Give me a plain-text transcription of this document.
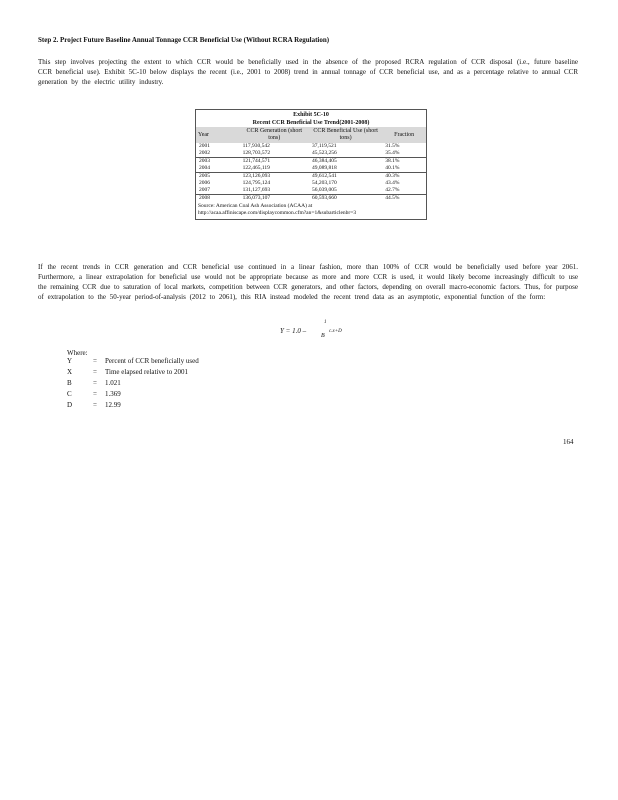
Step 2. Project Future Baseline Annual Tonnage CCR Beneficial Use (Without RCRA Regulation)
This step involves projecting the extent to which CCR would be beneficially used in the absence of the proposed RCRA regulation of CCR disposal (i.e., future baseline CCR beneficial use). Exhibit 5C-10 below displays the recent (i.e., 2001 to 2008) trend in annual tonnage of CCR beneficial use, and as a percentage relative to annual CCR generation by the electric utility industry.
Exhibit 5C-10
Recent CCR Beneficial Use Trend(2001-2008)
Year	CCR Generation (short tons)	CCR Beneficial Use (short tons)	Fraction
2001	117,930,542	37,119,521	31.5%
2002	128,703,572	45,523,256	35.4%
2003	121,744,571	46,384,405	38.1%
2004	122,465,119	49,089,818	40.1%
2005	123,126,093	49,612,541	40.3%
2006	124,795,124	54,203,170	43.4%
2007	131,127,693	56,039,005	42.7%
2008	136,073,107	60,593,660	44.5%
Source: American Coal Ash Association (ACAA) at
http://acaa.affiniscape.com/displaycommon.cfm?an=1&subarticlenbr=3
If the recent trends in CCR generation and CCR beneficial use continued in a linear fashion, more than 100% of CCR would be beneficially used before year 2061. Furthermore, a linear extrapolation for beneficial use would not be appropriate because as more and more CCR is used, it would likely become increasingly difficult to use the remaining CCR due to saturation of local markets, competition between CCR generators, and other factors, depending on overall macro-economic factors. Thus, for purpose of extrapolation to the 50-year period-of-analysis (2012 to 2061), this RIA instead modeled the recent trend data as an asymptotic, exponential function of the form:
Y = 1.0 –
1
B
c.x+D
Where:
Y	= Percent of CCR beneficially used
X	= Time elapsed relative to 2001
B	= 1.021
C	= 1.369
D	= 12.99
164
